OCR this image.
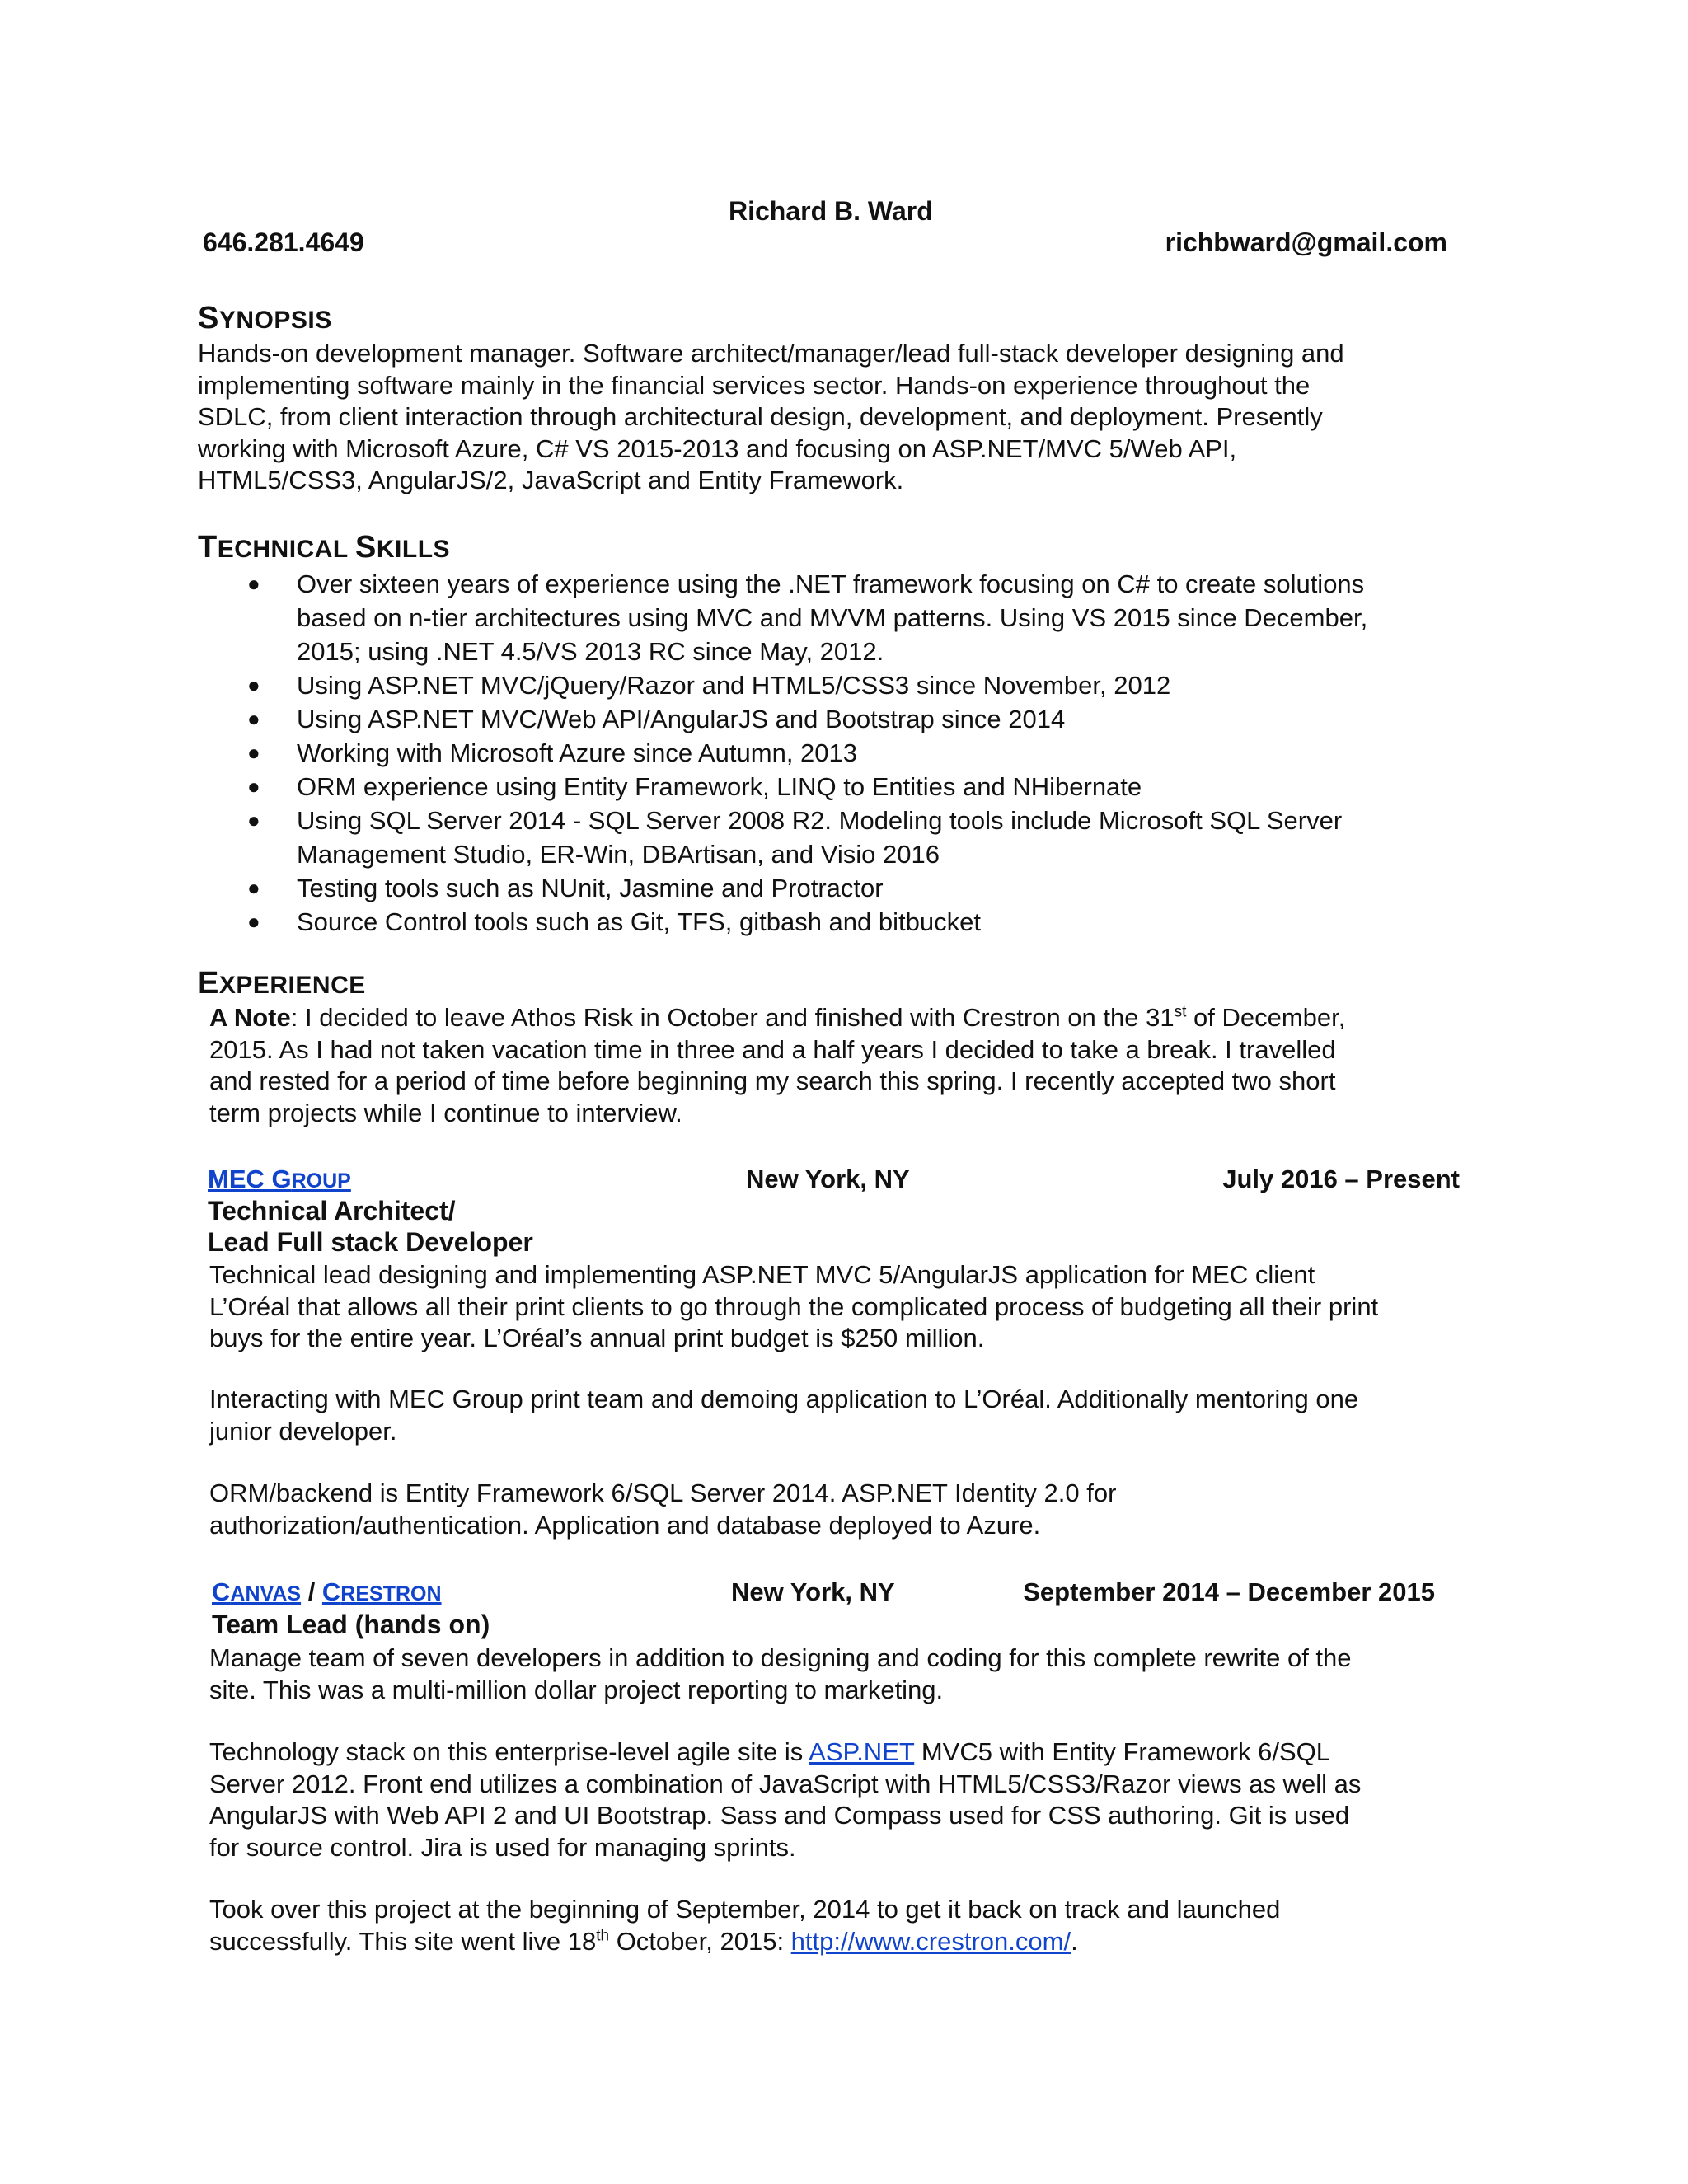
Richard B. Ward
646.281.4649	richbward@gmail.com
SYNOPSIS
Hands-on development manager. Software architect/manager/lead full-stack developer designing and
implementing software mainly in the financial services sector. Hands-on experience throughout the
SDLC, from client interaction through architectural design, development, and deployment. Presently
working with Microsoft Azure, C# VS 2015-2013 and focusing on ASP.NET/MVC 5/Web API,
HTML5/CSS3, AngularJS/2, JavaScript and Entity Framework.
TECHNICAL SKILLS
● Over sixteen years of experience using the .NET framework focusing on C# to create solutions
based on n-tier architectures using MVC and MVVM patterns. Using VS 2015 since December,
2015; using .NET 4.5/VS 2013 RC since May, 2012.
● Using ASP.NET MVC/jQuery/Razor and HTML5/CSS3 since November, 2012
● Using ASP.NET MVC/Web API/AngularJS and Bootstrap since 2014
● Working with Microsoft Azure since Autumn, 2013
● ORM experience using Entity Framework, LINQ to Entities and NHibernate
● Using SQL Server 2014 - SQL Server 2008 R2. Modeling tools include Microsoft SQL Server
Management Studio, ER-Win, DBArtisan, and Visio 2016
● Testing tools such as NUnit, Jasmine and Protractor
● Source Control tools such as Git, TFS, gitbash and bitbucket
EXPERIENCE
A Note: I decided to leave Athos Risk in October and finished with Crestron on the 31st of December,
2015. As I had not taken vacation time in three and a half years I decided to take a break. I travelled
and rested for a period of time before beginning my search this spring. I recently accepted two short
term projects while I continue to interview.
MEC GROUP	New York, NY	July 2016 – Present
Technical Architect/
Lead Full stack Developer
Technical lead designing and implementing ASP.NET MVC 5/AngularJS application for MEC client
L’Oréal that allows all their print clients to go through the complicated process of budgeting all their print
buys for the entire year. L’Oréal’s annual print budget is $250 million.
Interacting with MEC Group print team and demoing application to L’Oréal. Additionally mentoring one
junior developer.
ORM/backend is Entity Framework 6/SQL Server 2014. ASP.NET Identity 2.0 for
authorization/authentication. Application and database deployed to Azure.
CANVAS / CRESTRON	New York, NY	September 2014 – December 2015
Team Lead (hands on)
Manage team of seven developers in addition to designing and coding for this complete rewrite of the
site. This was a multi-million dollar project reporting to marketing.
Technology stack on this enterprise-level agile site is ASP.NET MVC5 with Entity Framework 6/SQL
Server 2012. Front end utilizes a combination of JavaScript with HTML5/CSS3/Razor views as well as
AngularJS with Web API 2 and UI Bootstrap. Sass and Compass used for CSS authoring. Git is used
for source control. Jira is used for managing sprints.
Took over this project at the beginning of September, 2014 to get it back on track and launched
successfully. This site went live 18th October, 2015: http://www.crestron.com/.
